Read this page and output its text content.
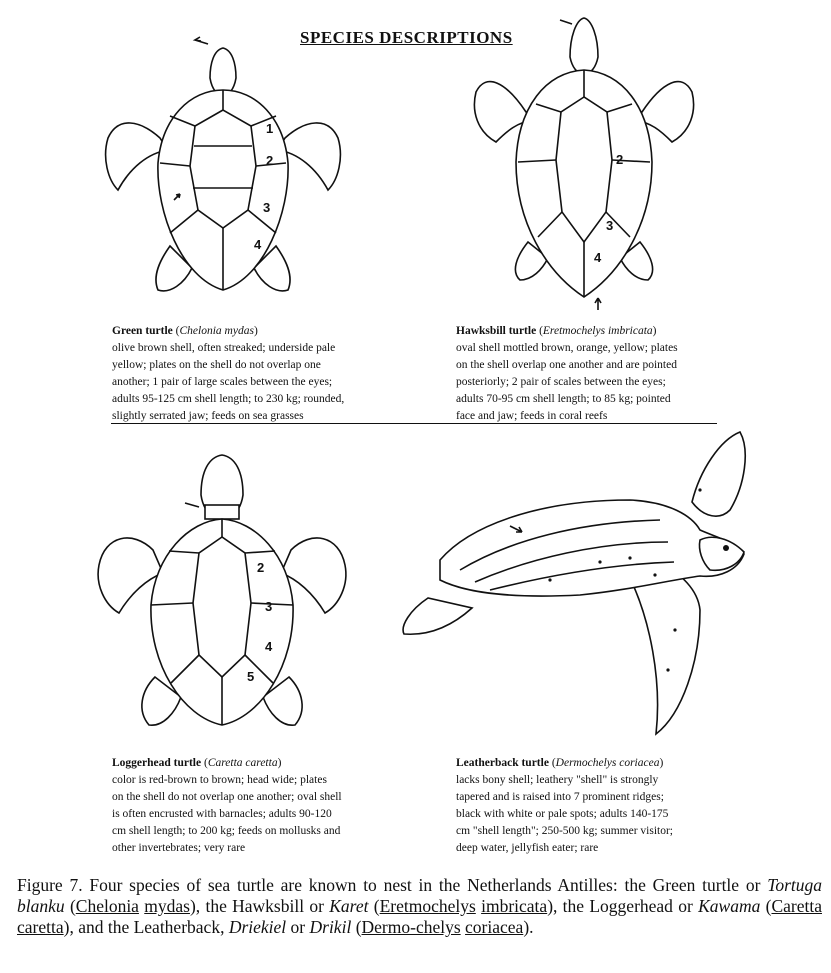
SPECIES DESCRIPTIONS
1
2
3
4
2
3
4
2
3
4
5
Green turtle (Chelonia mydas)
olive brown shell, often streaked; underside pale
yellow; plates on the shell do not overlap one
another; 1 pair of large scales between the eyes;
adults 95-125 cm shell length; to 230 kg; rounded,
slightly serrated jaw; feeds on sea grasses
Hawksbill turtle (Eretmochelys imbricata)
oval shell mottled brown, orange, yellow; plates
on the shell overlap one another and are pointed
posteriorly; 2 pair of scales between the eyes;
adults 70-95 cm shell length; to 85 kg; pointed
face and jaw; feeds in coral reefs
Loggerhead turtle (Caretta caretta)
color is red-brown to brown; head wide; plates
on the shell do not overlap one another; oval shell
is often encrusted with barnacles; adults 90-120
cm shell length; to 200 kg; feeds on mollusks and
other invertebrates; very rare
Leatherback turtle (Dermochelys coriacea)
lacks bony shell; leathery "shell" is strongly
tapered and is raised into 7 prominent ridges;
black with white or pale spots; adults 140-175
cm "shell length"; 250-500 kg; summer visitor;
deep water, jellyfish eater; rare
Figure 7. Four species of sea turtle are known to nest in the Netherlands Antilles: the Green turtle or Tortuga blanku (Chelonia mydas), the Hawksbill or Karet (Eretmochelys imbricata), the Loggerhead or Kawama (Caretta caretta), and the Leatherback, Driekiel or Drikil (Dermo-chelys coriacea).
